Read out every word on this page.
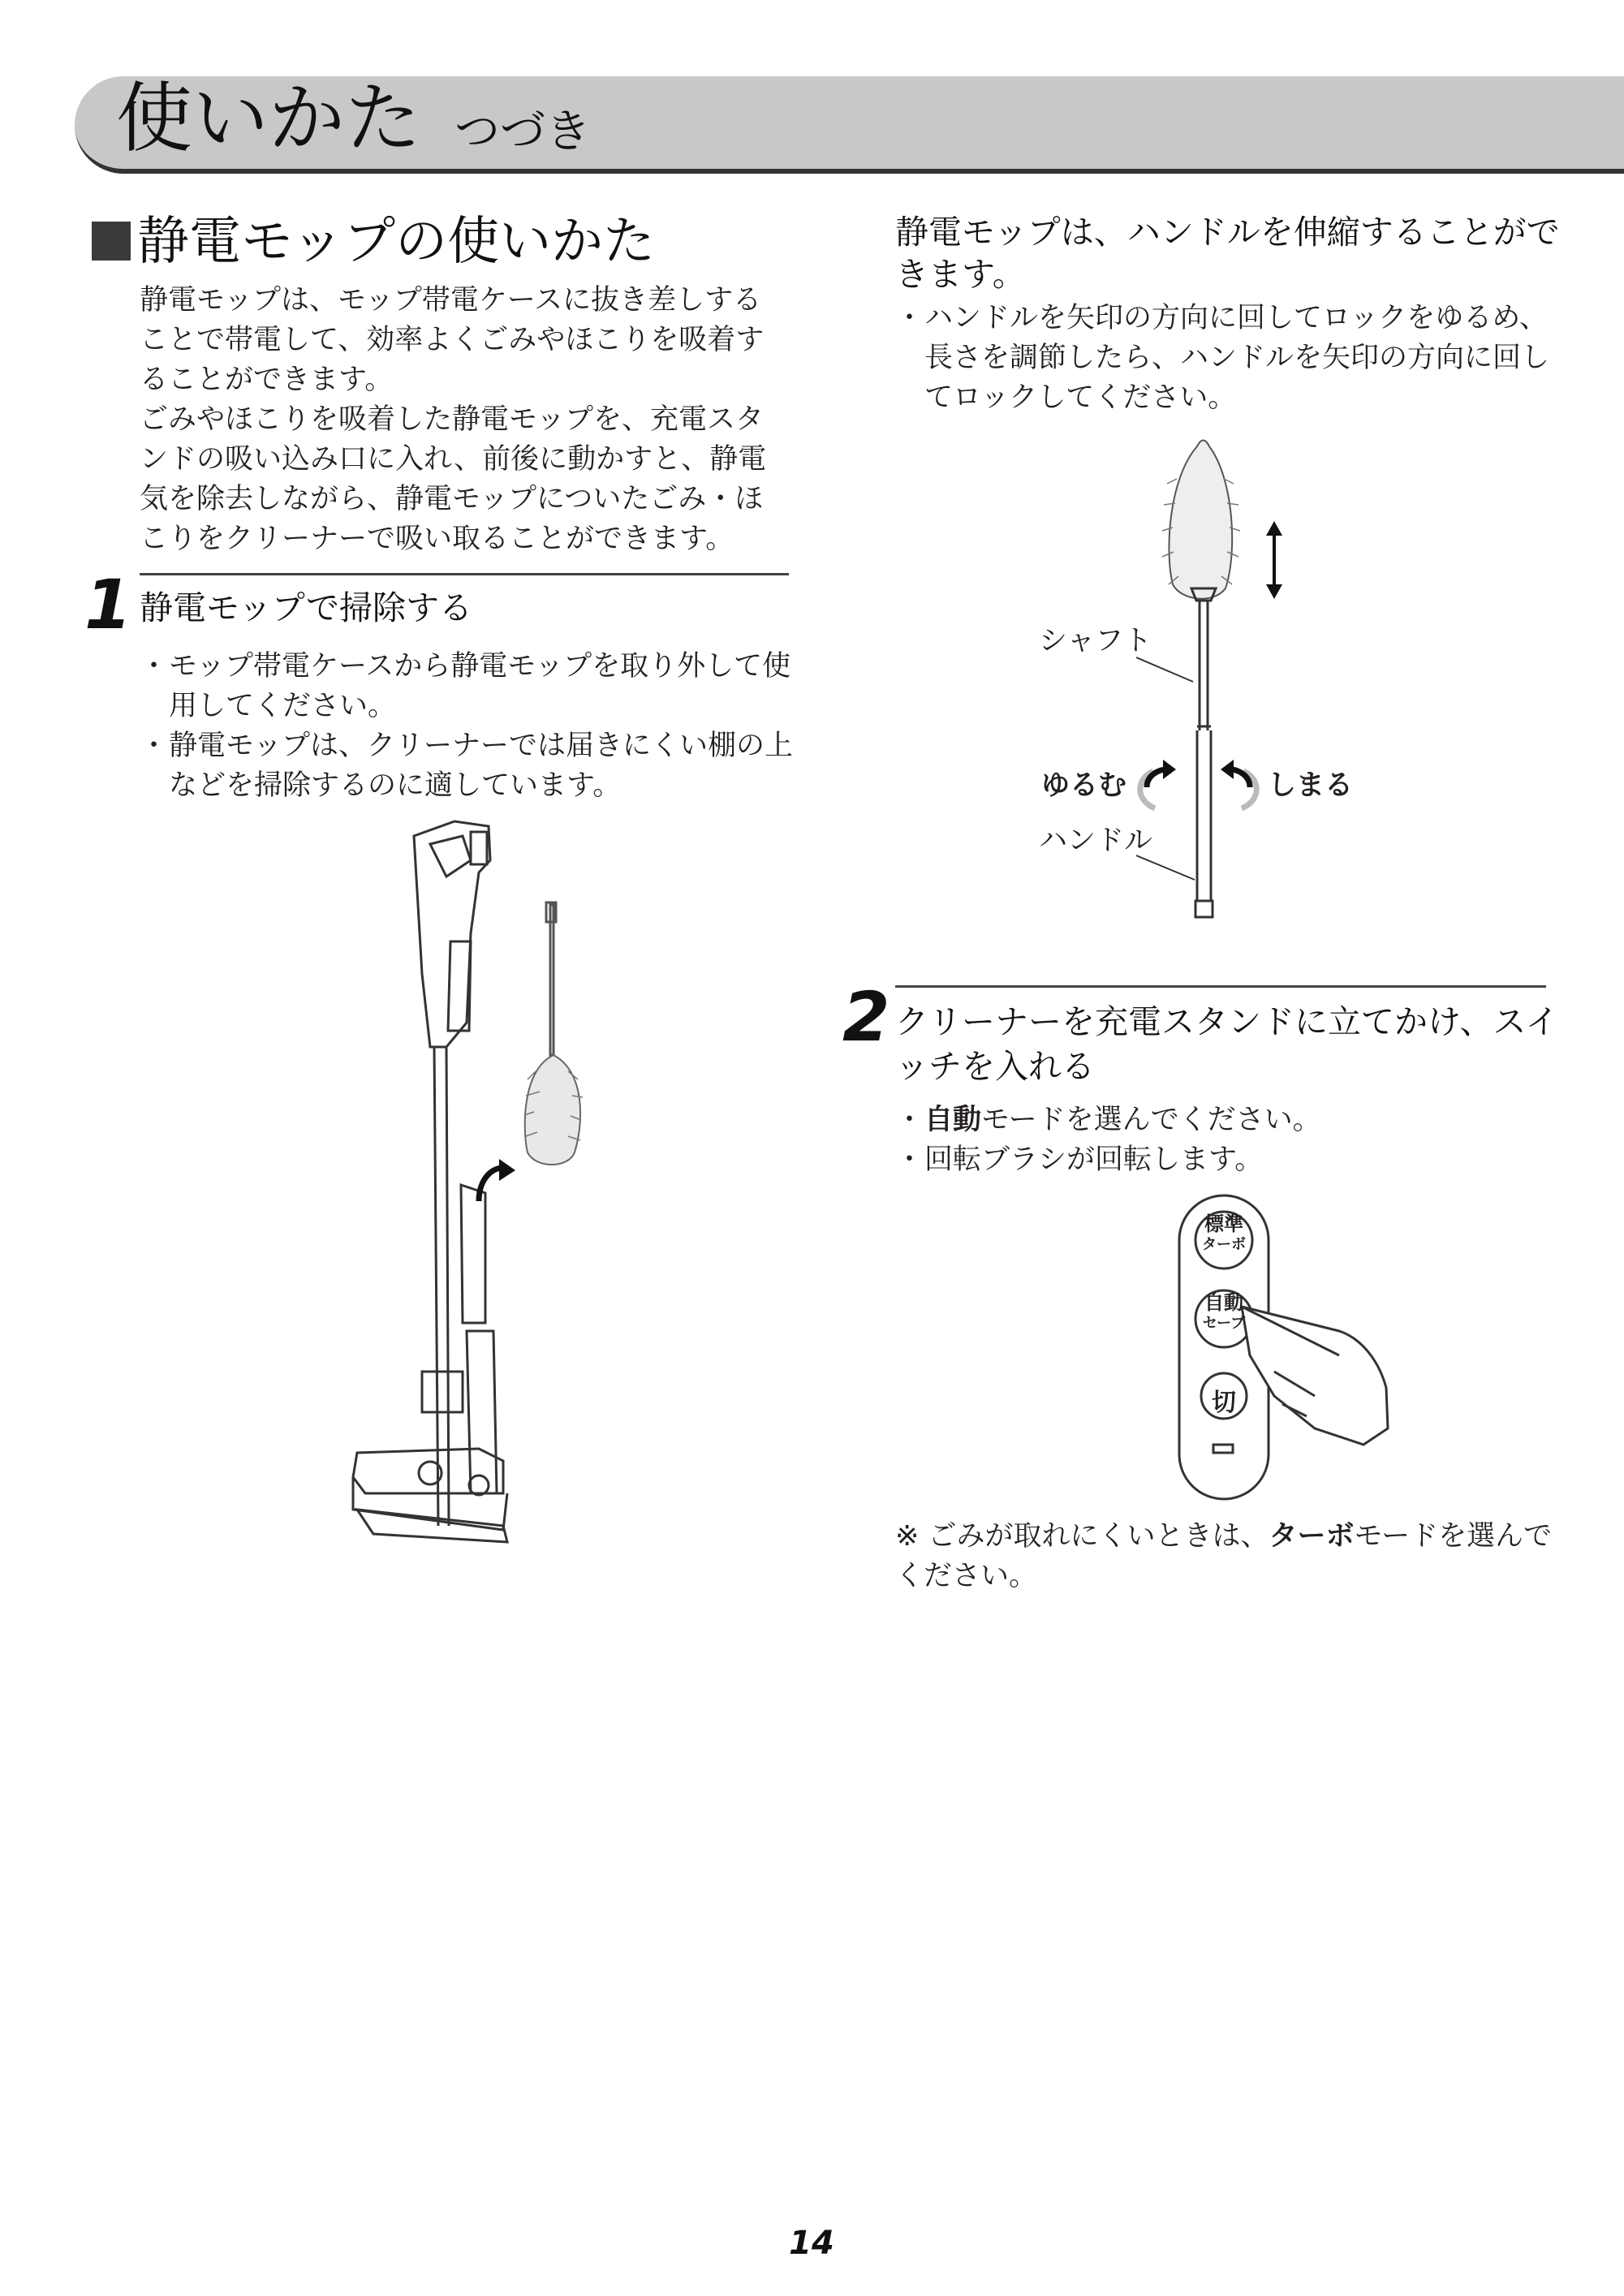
使いかた つづき
静電モップの使いかた

静電モップは、モップ帯電ケースに抜き差しすることで帯電して、効率よくごみやほこりを吸着することができます。

ごみやほこりを吸着した静電モップを、充電スタンドの吸い込み口に入れ、前後に動かすと、静電気を除去しながら、静電モップについたごみ・ほこりをクリーナーで吸い取ることができます。

1 静電モップで掃除する
・ モップ帯電ケースから静電モップを取り外して使用してください。
・ 静電モップは、クリーナーでは届きにくい棚の上などを掃除するのに適しています。
静電モップは、ハンドルを伸縮することができます。
・ ハンドルを矢印の方向に回してロックをゆるめ、長さを調節したら、ハンドルを矢印の方向に回してロックしてください。
シャフト
ゆるむ	しまる
ハンドル
2 クリーナーを充電スタンドに立てかけ、スイッチを入れる
・ 自動モードを選んでください。
・ 回転ブラシが回転します。
標準
ターボ
自動
セーブ
切
※ ごみが取れにくいときは、ターボモードを選んでください。
14
